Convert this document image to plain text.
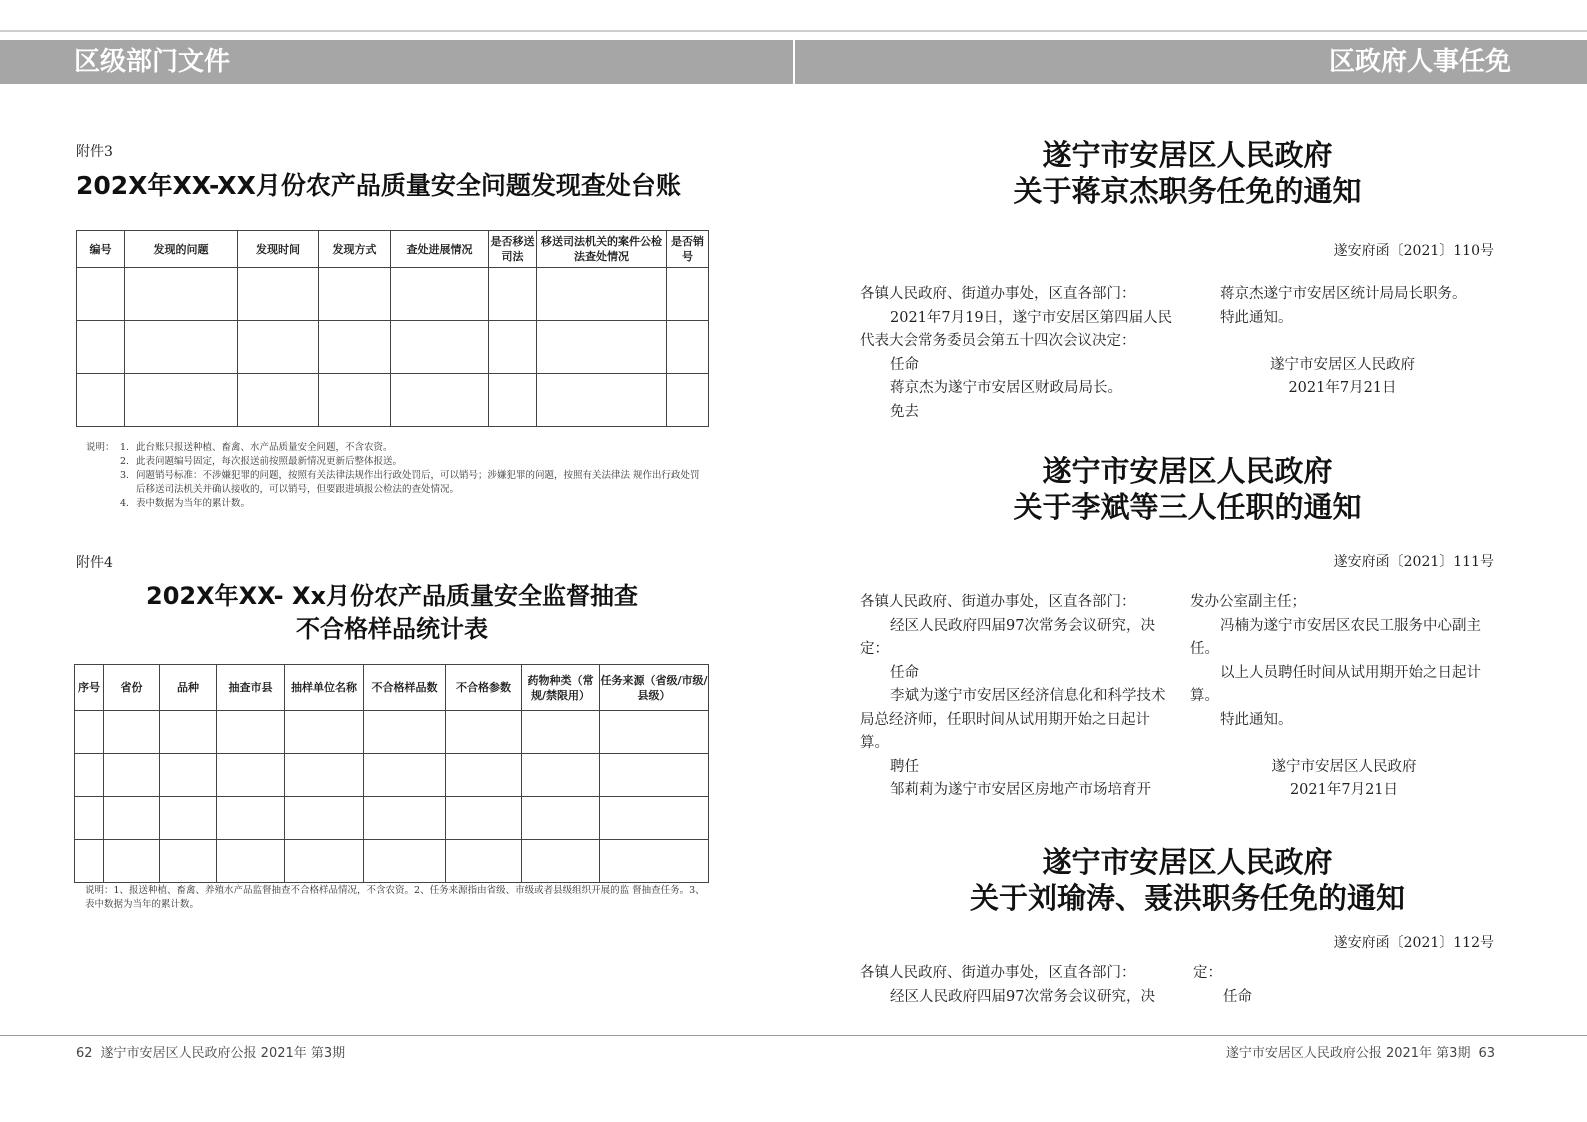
区级部门文件	区政府人事任免
附件3
202X年XX-XX月份农产品质量安全问题发现查处台账
编号	发现的问题	发现时间	发现方式	查处进展情况	是否移送司法	移送司法机关的案件公检法查处情况	是否销号

说明： 1. 此台账只报送种植、畜禽、水产品质量安全问题，不含农资。
2. 此表问题编号固定，每次报送前按照最新情况更新后整体报送。
3. 问题销号标准：不涉嫌犯罪的问题，按照有关法律法规作出行政处罚后，可以销号；涉嫌犯罪的问题，按照有关法律法 规作出行政处罚后移送司法机关并确认接收的，可以销号，但要跟进填报公检法的查处情况。
4. 表中数据为当年的累计数。
附件4
202X年XX- Xx月份农产品质量安全监督抽查
不合格样品统计表
序号	省份	品种	抽查市县	抽样单位名称	不合格样品数	不合格参数	药物种类（常规/禁限用）	任务来源（省级/市级/县级）

说明：1、报送种植、畜禽、养殖水产品监督抽查不合格样品情况，不含农资。2、任务来源指由省级、市级或者县级组织开展的监 督抽查任务。3、表中数据为当年的累计数。
遂宁市安居区人民政府
关于蒋京杰职务任免的通知
遂安府函〔2021〕110号

各镇人民政府、街道办事处，区直各部门：

2021年7月19日，遂宁市安居区第四届人民代表大会常务委员会第五十四次会议决定：

任命

蒋京杰为遂宁市安居区财政局局长。

免去

蒋京杰遂宁市安居区统计局局长职务。

特此通知。

遂宁市安居区人民政府

2021年7月21日

遂宁市安居区人民政府
关于李斌等三人任职的通知
遂安府函〔2021〕111号

各镇人民政府、街道办事处，区直各部门：

经区人民政府四届97次常务会议研究，决定：

任命

李斌为遂宁市安居区经济信息化和科学技术局总经济师，任职时间从试用期开始之日起计算。

聘任

邹莉莉为遂宁市安居区房地产市场培育开

发办公室副主任；

冯楠为遂宁市安居区农民工服务中心副主任。

以上人员聘任时间从试用期开始之日起计算。

特此通知。

遂宁市安居区人民政府

2021年7月21日

遂宁市安居区人民政府
关于刘瑜涛、聂洪职务任免的通知
遂安府函〔2021〕112号

各镇人民政府、街道办事处，区直各部门：

经区人民政府四届97次常务会议研究，决

定：

任命

62 遂宁市安居区人民政府公报 2021年 第3期	遂宁市安居区人民政府公报 2021年 第3期 63
